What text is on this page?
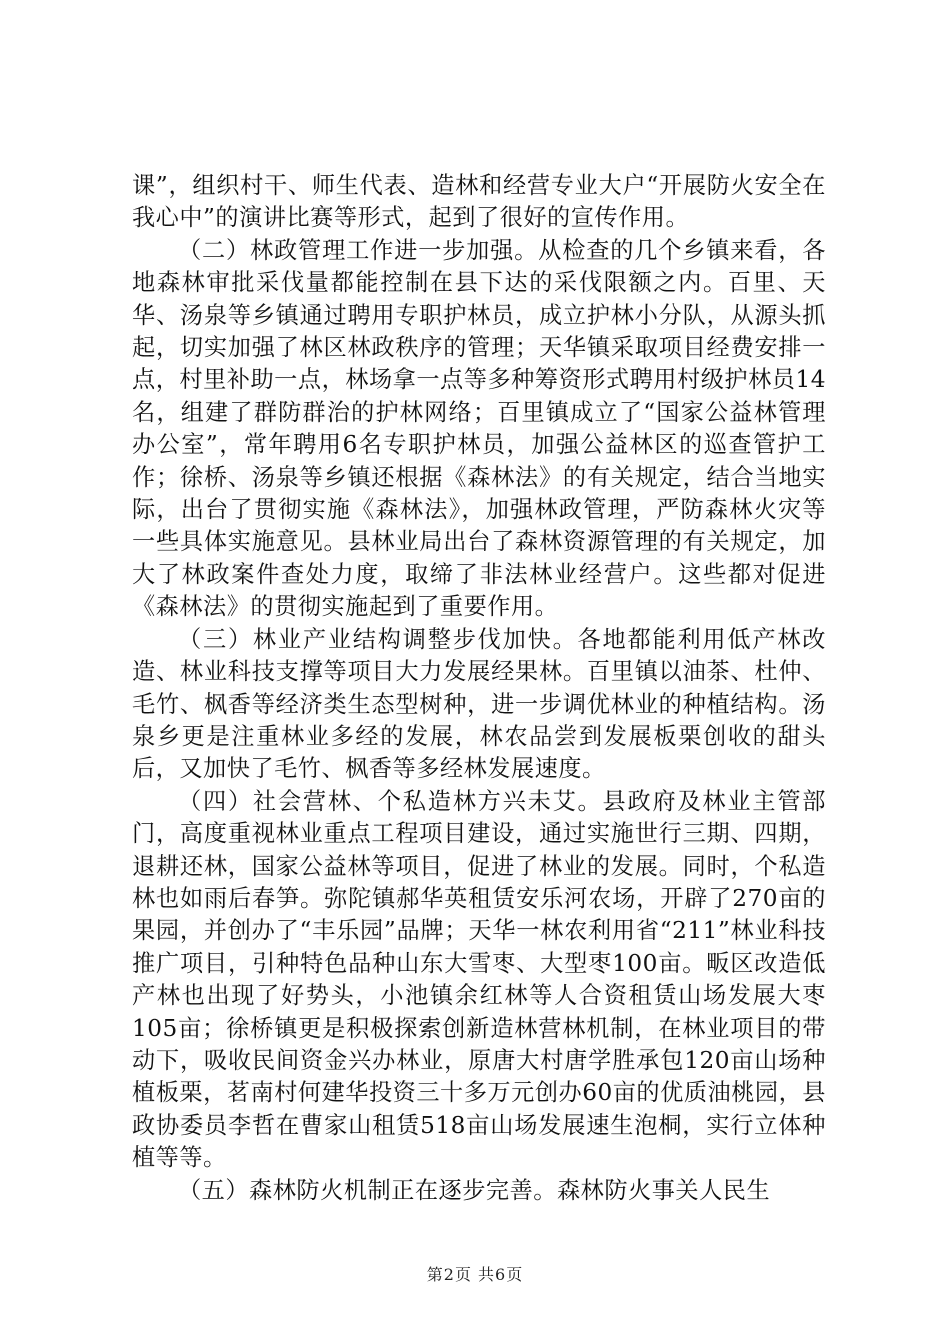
课”，组织村干、师生代表、造林和经营专业大户“开展防火安全在我心中”的演讲比赛等形式，起到了很好的宣传作用。

（二）林政管理工作进一步加强。从检查的几个乡镇来看，各地森林审批采伐量都能控制在县下达的采伐限额之内。百里、天华、汤泉等乡镇通过聘用专职护林员，成立护林小分队，从源头抓起，切实加强了林区林政秩序的管理；天华镇采取项目经费安排一点，村里补助一点，林场拿一点等多种筹资形式聘用村级护林员14名，组建了群防群治的护林网络；百里镇成立了“国家公益林管理办公室”，常年聘用6名专职护林员，加强公益林区的巡查管护工作；徐桥、汤泉等乡镇还根据《森林法》的有关规定，结合当地实际，出台了贯彻实施《森林法》，加强林政管理，严防森林火灾等一些具体实施意见。县林业局出台了森林资源管理的有关规定，加大了林政案件查处力度，取缔了非法林业经营户。这些都对促进《森林法》的贯彻实施起到了重要作用。

（三）林业产业结构调整步伐加快。各地都能利用低产林改造、林业科技支撑等项目大力发展经果林。百里镇以油茶、杜仲、毛竹、枫香等经济类生态型树种，进一步调优林业的种植结构。汤泉乡更是注重林业多经的发展，林农品尝到发展板栗创收的甜头后，又加快了毛竹、枫香等多经林发展速度。

（四）社会营林、个私造林方兴未艾。县政府及林业主管部门，高度重视林业重点工程项目建设，通过实施世行三期、四期，退耕还林，国家公益林等项目，促进了林业的发展。同时，个私造林也如雨后春笋。弥陀镇郝华英租赁安乐河农场，开辟了270亩的果园，并创办了“丰乐园”品牌；天华一林农利用省“211”林业科技推广项目，引种特色品种山东大雪枣、大型枣100亩。畈区改造低产林也出现了好势头，小池镇余红林等人合资租赁山场发展大枣105亩；徐桥镇更是积极探索创新造林营林机制，在林业项目的带动下，吸收民间资金兴办林业，原唐大村唐学胜承包120亩山场种植板栗，茗南村何建华投资三十多万元创办60亩的优质油桃园，县政协委员李哲在曹家山租赁518亩山场发展速生泡桐，实行立体种植等等。

（五）森林防火机制正在逐步完善。森林防火事关人民生

第2页 共6页
